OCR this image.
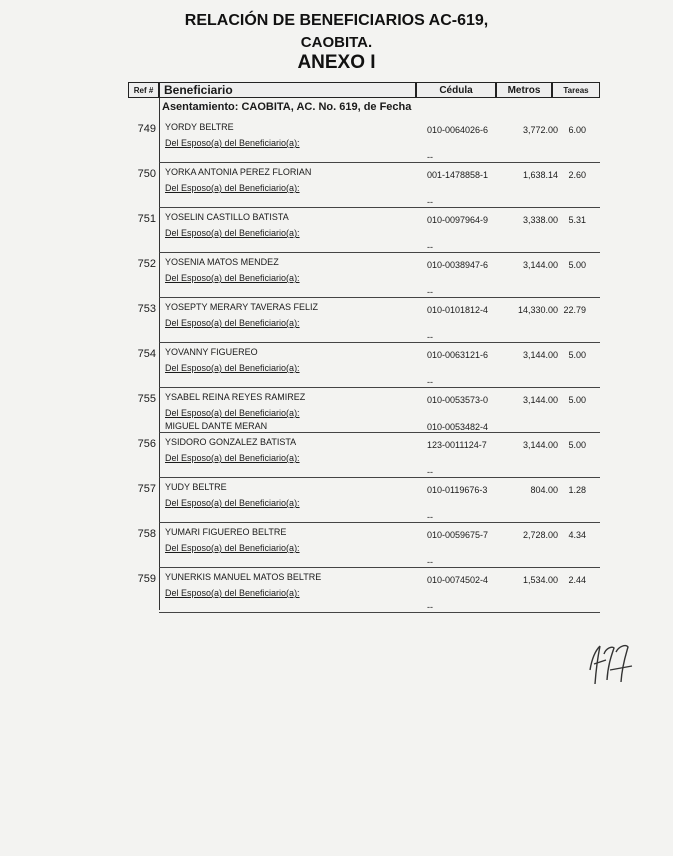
RELACIÓN DE BENEFICIARIOS AC-619,
CAOBITA.
ANEXO I
Ref # Beneficiario	Cédula	Metros	Tareas
Asentamiento: CAOBITA, AC. No. 619, de Fecha
749 YORDY BELTRE
Del Esposo(a) del Beneficiario(a):
010-0064026-6	3,772.00	6.00
--
750 YORKA ANTONIA PEREZ FLORIAN
Del Esposo(a) del Beneficiario(a):
001-1478858-1	1,638.14	2.60
--
751 YOSELIN CASTILLO BATISTA
Del Esposo(a) del Beneficiario(a):
010-0097964-9	3,338.00	5.31
--
752 YOSENIA MATOS MENDEZ
Del Esposo(a) del Beneficiario(a):
010-0038947-6	3,144.00	5.00
--
753 YOSEPTY MERARY TAVERAS FELIZ
Del Esposo(a) del Beneficiario(a):
010-0101812-4	14,330.00 22.79
--
754 YOVANNY FIGUEREO
Del Esposo(a) del Beneficiario(a):
010-0063121-6	3,144.00	5.00
--
755 YSABEL REINA REYES RAMIREZ
Del Esposo(a) del Beneficiario(a):
010-0053573-0	3,144.00	5.00
010-0053482-4
MIGUEL DANTE MERAN
756 YSIDORO GONZALEZ BATISTA
Del Esposo(a) del Beneficiario(a):
123-0011124-7	3,144.00	5.00
--
757 YUDY BELTRE
Del Esposo(a) del Beneficiario(a):
010-0119676-3	804.00	1.28
--
758 YUMARI FIGUEREO BELTRE
Del Esposo(a) del Beneficiario(a):
010-0059675-7	2,728.00	4.34
--
759 YUNERKIS MANUEL MATOS BELTRE
Del Esposo(a) del Beneficiario(a):
010-0074502-4	1,534.00	2.44
--
